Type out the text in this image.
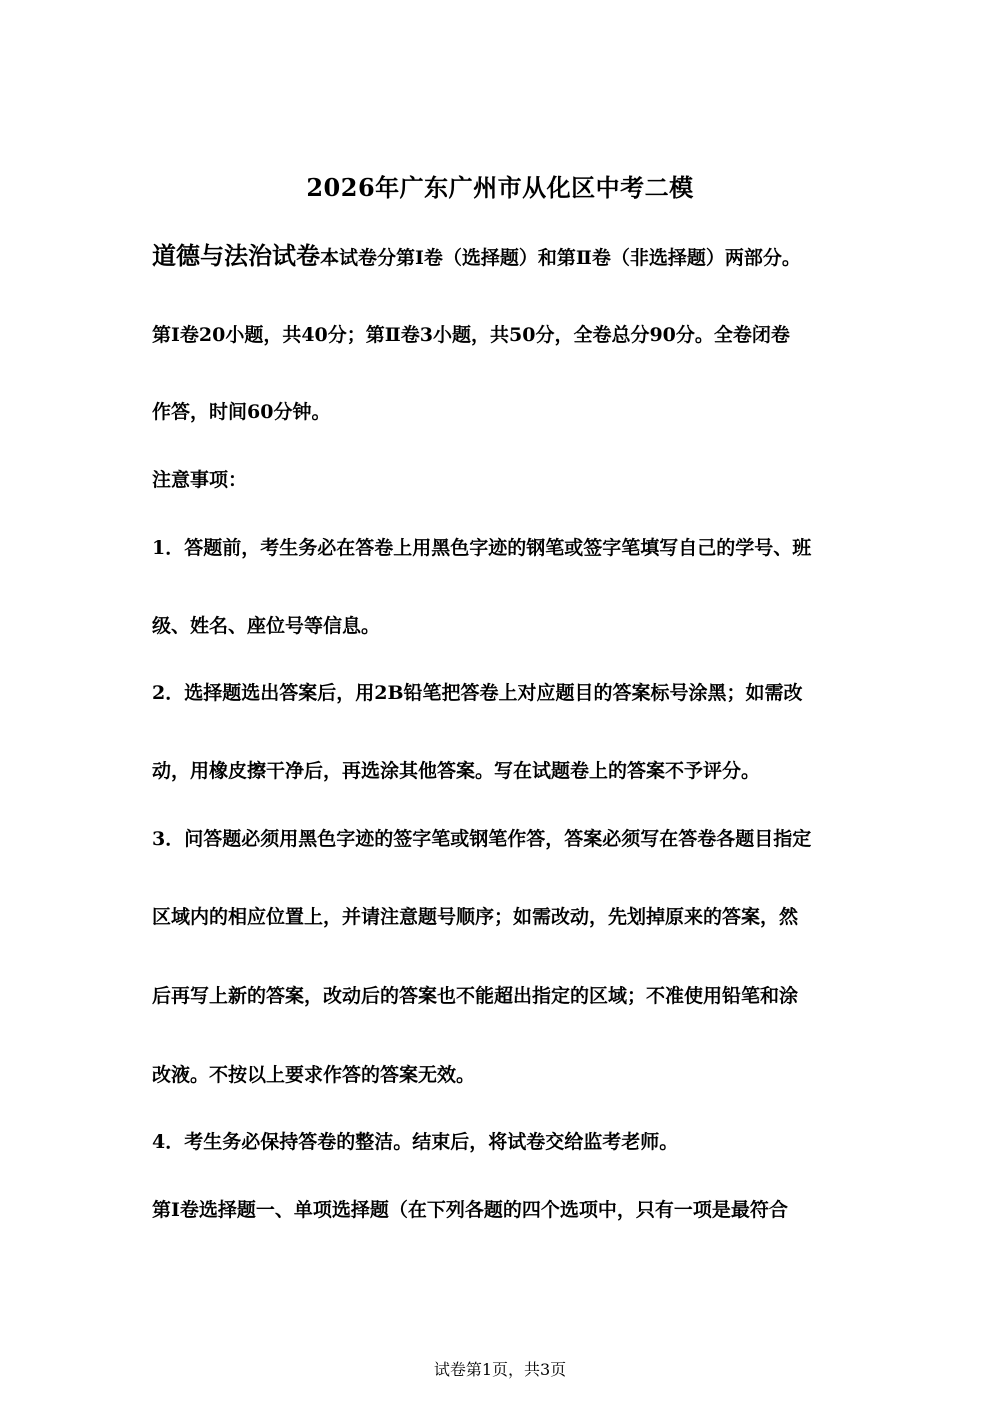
2026年广东广州市从化区中考二模
道德与法治试卷本试卷分第Ⅰ卷（选择题）和第Ⅱ卷（非选择题）两部分。
第Ⅰ卷20小题，共40分；第Ⅱ卷3小题，共50分，全卷总分90分。全卷闭卷
作答，时间60分钟。
注意事项：
1．答题前，考生务必在答卷上用黑色字迹的钢笔或签字笔填写自己的学号、班
级、姓名、座位号等信息。
2．选择题选出答案后，用2B铅笔把答卷上对应题目的答案标号涂黑；如需改
动，用橡皮擦干净后，再选涂其他答案。写在试题卷上的答案不予评分。
3．问答题必须用黑色字迹的签字笔或钢笔作答，答案必须写在答卷各题目指定
区域内的相应位置上，并请注意题号顺序；如需改动，先划掉原来的答案，然
后再写上新的答案，改动后的答案也不能超出指定的区域；不准使用铅笔和涂
改液。不按以上要求作答的答案无效。
4．考生务必保持答卷的整洁。结束后，将试卷交给监考老师。
第Ⅰ卷选择题一、单项选择题（在下列各题的四个选项中，只有一项是最符合
试卷第1页，共3页
